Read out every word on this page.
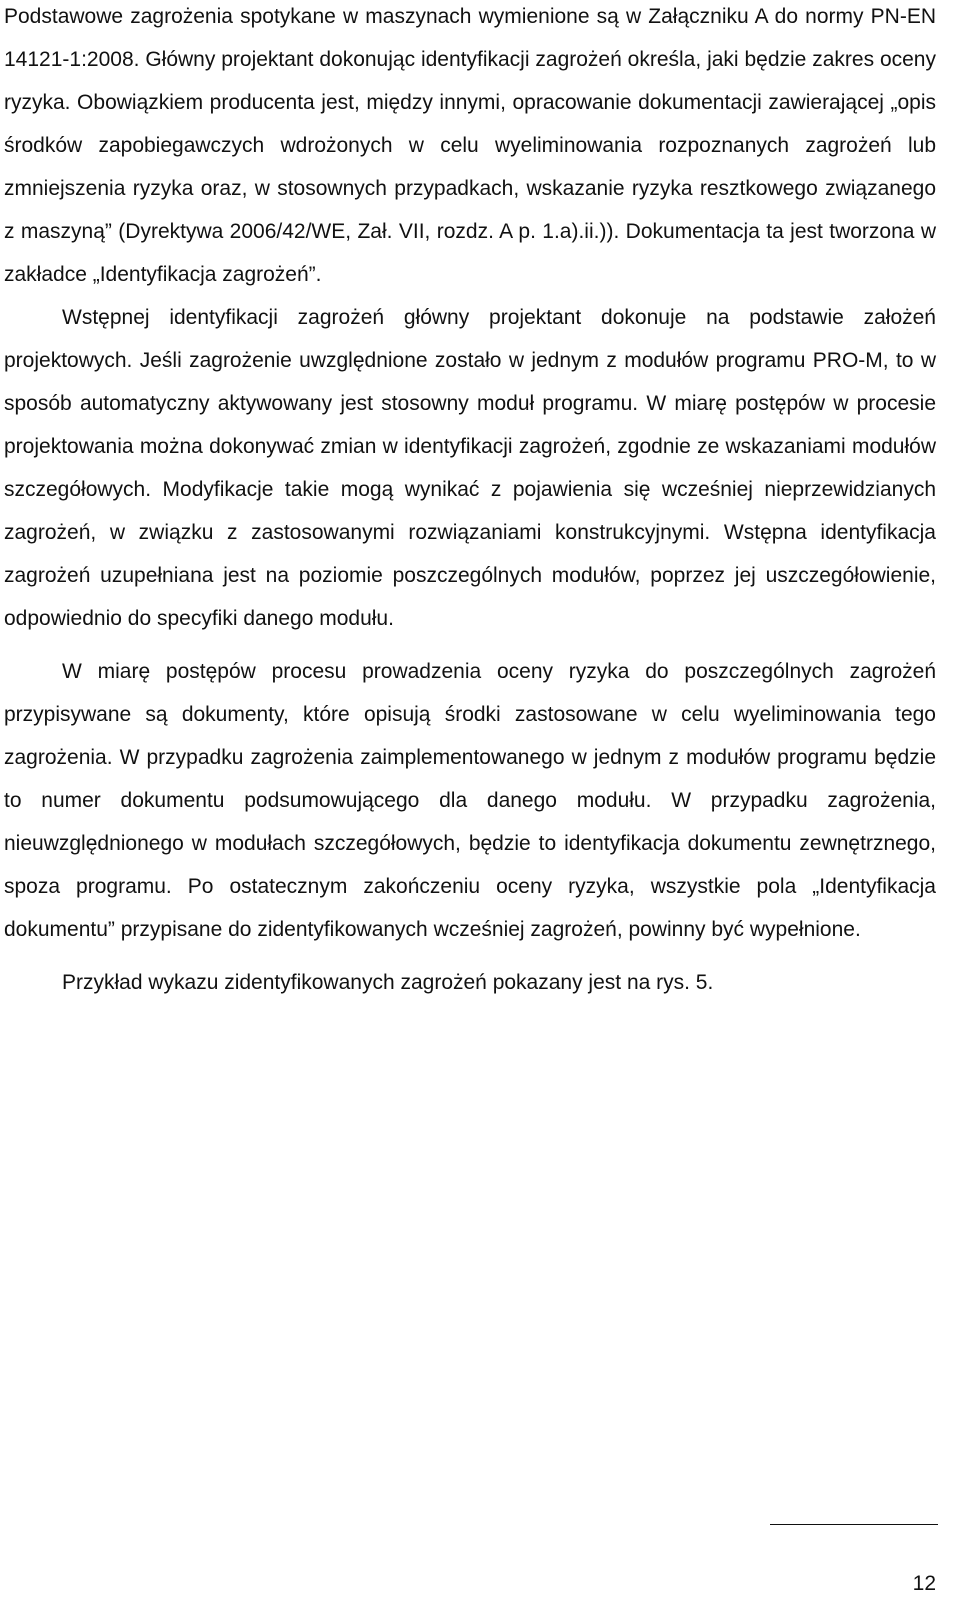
Podstawowe zagrożenia spotykane w maszynach wymienione są w Załączniku A do normy PN-EN 14121-1:2008. Główny projektant dokonując identyfikacji zagrożeń określa, jaki będzie zakres oceny ryzyka. Obowiązkiem producenta jest, między innymi, opracowanie dokumentacji zawierającej „opis środków zapobiegawczych wdrożonych w celu wyeliminowania rozpoznanych zagrożeń lub zmniejszenia ryzyka oraz, w stosownych przypadkach, wskazanie ryzyka resztkowego związanego z maszyną” (Dyrektywa 2006/42/WE, Zał. VII, rozdz. A p. 1.a).ii.)). Dokumentacja ta jest tworzona w zakładce „Identyfikacja zagrożeń”.

Wstępnej identyfikacji zagrożeń główny projektant dokonuje na podstawie założeń projektowych. Jeśli zagrożenie uwzględnione zostało w jednym z modułów programu PRO-M, to w sposób automatyczny aktywowany jest stosowny moduł programu. W miarę postępów w procesie projektowania można dokonywać zmian w identyfikacji zagrożeń, zgodnie ze wskazaniami modułów szczegółowych. Modyfikacje takie mogą wynikać z pojawienia się wcześniej nieprzewidzianych zagrożeń, w związku z zastosowanymi rozwiązaniami konstrukcyjnymi. Wstępna identyfikacja zagrożeń uzupełniana jest na poziomie poszczególnych modułów, poprzez jej uszczegółowienie, odpowiednio do specyfiki danego modułu.

W miarę postępów procesu prowadzenia oceny ryzyka do poszczególnych zagrożeń przypisywane są dokumenty, które opisują środki zastosowane w celu wyeliminowania tego zagrożenia. W przypadku zagrożenia zaimplementowanego w jednym z modułów programu będzie to numer dokumentu podsumowującego dla danego modułu. W przypadku zagrożenia, nieuwzględnionego w modułach szczegółowych, będzie to identyfikacja dokumentu zewnętrznego, spoza programu. Po ostatecznym zakończeniu oceny ryzyka, wszystkie pola „Identyfikacja dokumentu” przypisane do zidentyfikowanych wcześniej zagrożeń, powinny być wypełnione.

Przykład wykazu zidentyfikowanych zagrożeń pokazany jest na rys. 5.

12
